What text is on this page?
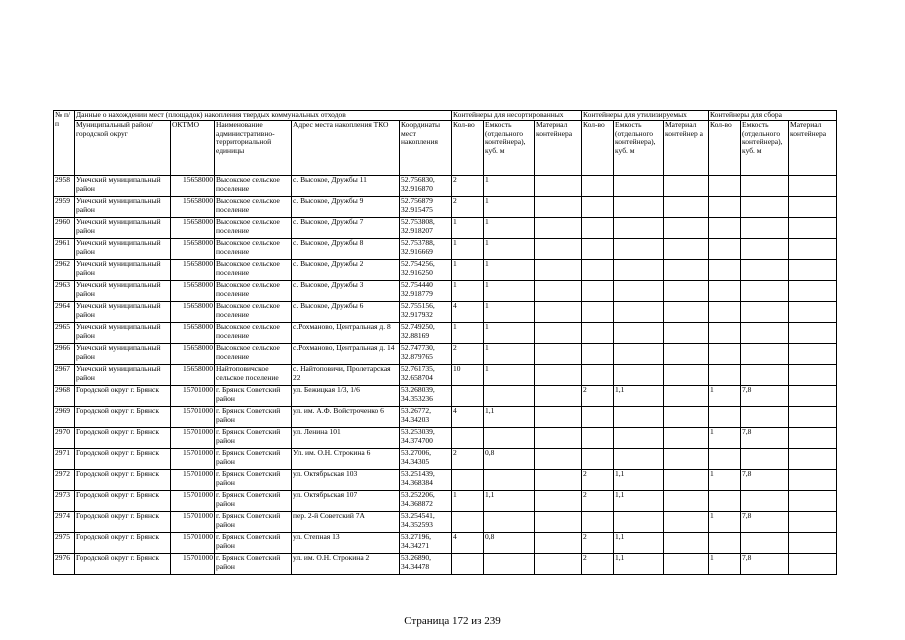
№ п/п	Данные о нахождении мест (площадок) накопления твердых коммунальных отходов					Контейнеры для несортированных			Контейнеры для утилизируемых			Контейнеры для сбора		
	Муниципальный район/городской округ	ОКТМО	Наименование административно-территориальной единицы	Адрес места накопления ТКО	Координаты мест накопления	Кол-во	Емкость (отдельного контейнера), куб. м	Материал контейнера	Кол-во	Емкость (отдельного контейнера), куб. м	Материал контейнер а	Кол-во	Емкость (отдельного контейнера), куб. м	Материал контейнера
2958	Унечский муниципальный район	15658000	Высокское сельское поселение	с. Высокое, Дружбы 11	52.756830, 32.916870	2	1							
2959	Унечский муниципальный район	15658000	Высокское сельское поселение	с. Высокое, Дружбы 9	52.756879 32.915475	2	1							
2960	Унечский муниципальный район	15658000	Высокское сельское поселение	с. Высокое, Дружбы 7	52.753808, 32.918207	1	1							
2961	Унечский муниципальный район	15658000	Высокское сельское поселение	с. Высокое, Дружбы 8	52.753788, 32.916669	1	1							
2962	Унечский муниципальный район	15658000	Высокское сельское поселение	с. Высокое, Дружбы 2	52.754256, 32.916250	1	1							
2963	Унечский муниципальный район	15658000	Высокское сельское поселение	с. Высокое, Дружбы 3	52.754440 32.918779	1	1							
2964	Унечский муниципальный район	15658000	Высокское сельское поселение	с. Высокое, Дружбы 6	52.755156, 32.917932	4	1							
2965	Унечский муниципальный район	15658000	Высокское сельское поселение	с.Рохманово, Центральная д. 8	52.749250, 32.88169	1	1							
2966	Унечский муниципальный район	15658000	Высокское сельское поселение	с.Рохманово, Центральная д. 14	52.747730, 32.879765	2	1							
2967	Унечский муниципальный район	15658000	Найтоповичское сельское поселение	с. Найтоповичи, Пролетарская 22	52.761735, 32.658704	10	1							
2968	Городской округ г. Брянск	15701000	г. Брянск Советский район	ул. Бежицкая 1/3, 1/6	53.268039, 34.353236				2	1,1		1	7,8	
2969	Городской округ г. Брянск	15701000	г. Брянск Советский район	ул. им. А.Ф. Войстроченко 6	53.26772, 34.34203	4	1,1							
2970	Городской округ г. Брянск	15701000	г. Брянск Советский район	ул. Ленина 101	53.253039, 34.374700							1	7,8	
2971	Городской округ г. Брянск	15701000	г. Брянск Советский район	Ул. им. О.Н. Строкина 6	53.27006, 34.34305	2	0,8							
2972	Городской округ г. Брянск	15701000	г. Брянск Советский район	ул. Октябрьская 103	53.251439, 34.368384				2	1,1		1	7,8	
2973	Городской округ г. Брянск	15701000	г. Брянск Советский район	ул. Октябрьская 107	53.252206, 34.368872	1	1,1		2	1,1				
2974	Городской округ г. Брянск	15701000	г. Брянск Советский район	пер. 2-й Советский 7А	53.254541, 34.352593							1	7,8	
2975	Городской округ г. Брянск	15701000	г. Брянск Советский район	ул. Степная 13	53.27196, 34.34271	4	0,8		2	1,1				
2976	Городской округ г. Брянск	15701000	г. Брянск Советский район	ул. им. О.Н. Строкина 2	53.26890, 34.34478				2	1,1		1	7,8	
Страница 172 из 239
